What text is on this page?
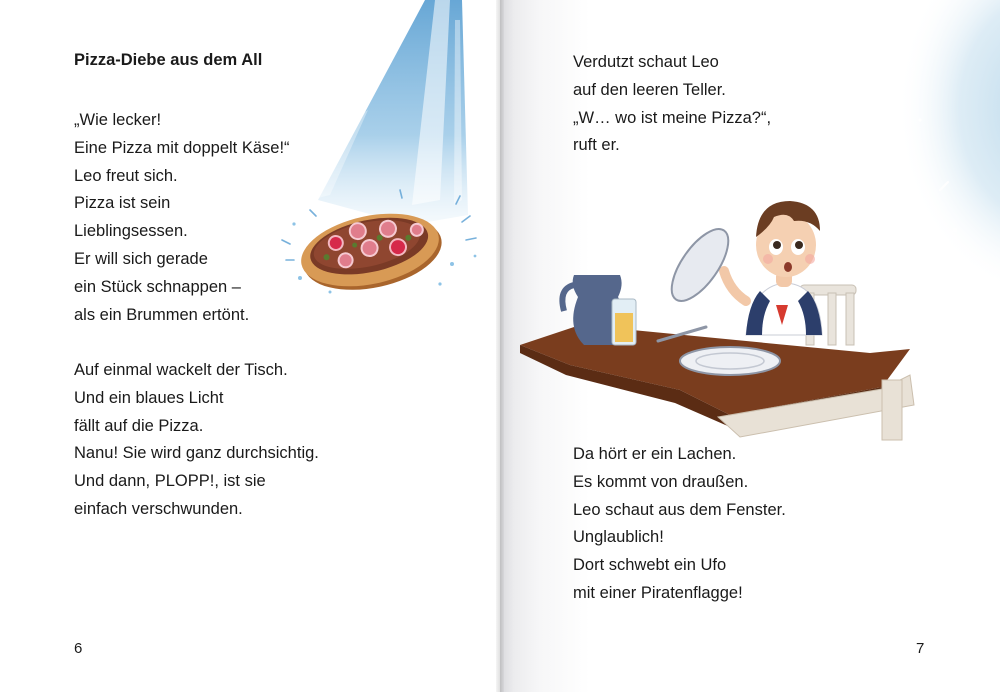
Pizza-Diebe aus dem All
„Wie lecker!
Eine Pizza mit doppelt Käse!“
Leo freut sich.
Pizza ist sein
Lieblingsessen.
Er will sich gerade
ein Stück schnappen –
als ein Brummen ertönt.
Auf einmal wackelt der Tisch.
Und ein blaues Licht
fällt auf die Pizza.
Nanu! Sie wird ganz durchsichtig.
Und dann, PLOPP!, ist sie
einfach verschwunden.
6
Verdutzt schaut Leo
auf den leeren Teller.
„W… wo ist meine Pizza?“,
ruft er.
Da hört er ein Lachen.
Es kommt von draußen.
Leo schaut aus dem Fenster.
Unglaublich!
Dort schwebt ein Ufo
mit einer Piratenflagge!
7
